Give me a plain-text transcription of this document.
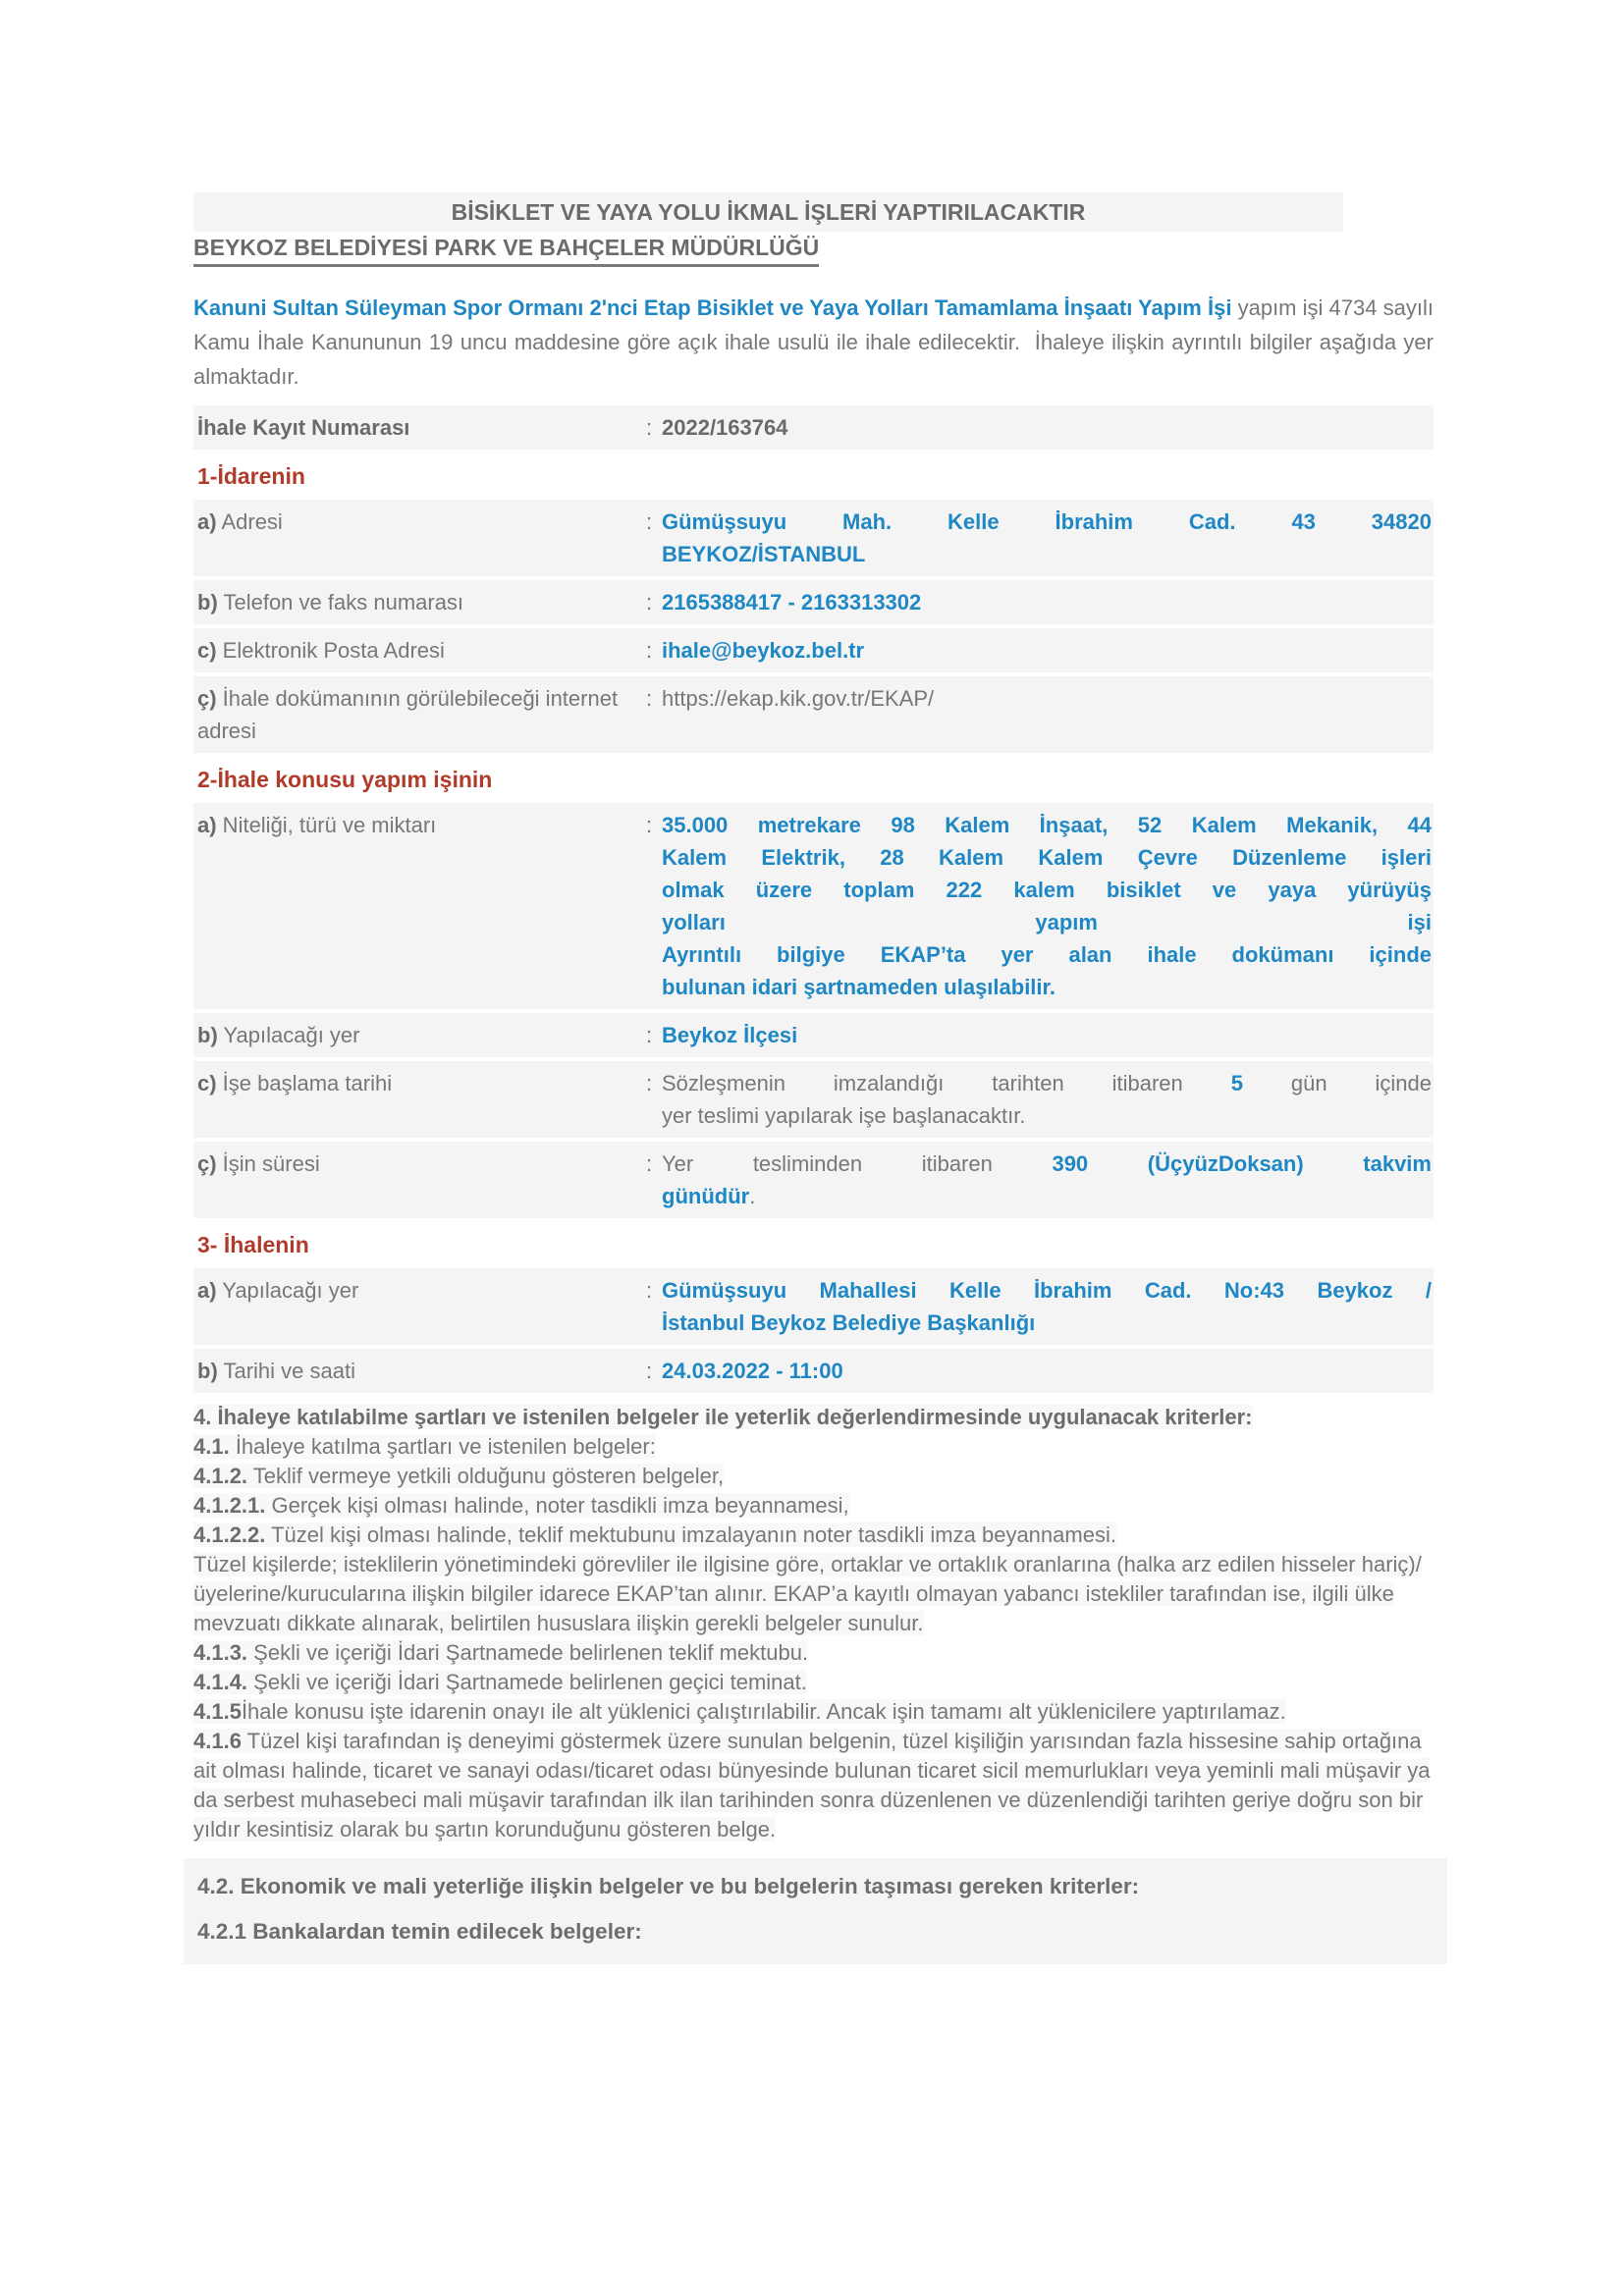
BİSİKLET VE YAYA YOLU İKMAL İŞLERİ YAPTIRILACAKTIR
BEYKOZ BELEDİYESİ PARK VE BAHÇELER MÜDÜRLÜĞÜ

Kanuni Sultan Süleyman Spor Ormanı 2'nci Etap Bisiklet ve Yaya Yolları Tamamlama İnşaatı Yapım İşi yapım işi 4734 sayılı Kamu İhale Kanununun 19 uncu maddesine göre açık ihale usulü ile ihale edilecektir.  İhaleye ilişkin ayrıntılı bilgiler aşağıda yer almaktadır.

İhale Kayıt Numarası	: 2022/163764
1-İdarenin
a) Adresi	: Gümüşsuyu Mah. Kelle İbrahim Cad. 43 34820
BEYKOZ/İSTANBUL
b) Telefon ve faks numarası	: 2165388417 - 2163313302
c) Elektronik Posta Adresi	: ihale@beykoz.bel.tr
ç) İhale dokümanının görülebileceği internet adresi
: https://ekap.kik.gov.tr/EKAP/
2-İhale konusu yapım işinin
a) Niteliği, türü ve miktarı	: 35.000 metrekare 98 Kalem İnşaat, 52 Kalem Mekanik, 44
Kalem Elektrik, 28 Kalem Kalem Çevre Düzenleme işleri
olmak üzere toplam 222 kalem bisiklet ve yaya yürüyüş
yolları yapım işi
Ayrıntılı bilgiye EKAP’ta yer alan ihale dokümanı içinde
bulunan idari şartnameden ulaşılabilir.
b) Yapılacağı yer	: Beykoz İlçesi
c) İşe başlama tarihi	: Sözleşmenin imzalandığı tarihten itibaren 5 gün içinde
yer teslimi yapılarak işe başlanacaktır.
ç) İşin süresi	: Yer tesliminden itibaren 390 (ÜçyüzDoksan) takvim
günüdür.
3- İhalenin
a) Yapılacağı yer	: Gümüşsuyu Mahallesi Kelle İbrahim Cad. No:43 Beykoz /
İstanbul Beykoz Belediye Başkanlığı
b) Tarihi ve saati	: 24.03.2022 - 11:00

4. İhaleye katılabilme şartları ve istenilen belgeler ile yeterlik değerlendirmesinde uygulanacak kriterler:

4.1. İhaleye katılma şartları ve istenilen belgeler:

4.1.2. Teklif vermeye yetkili olduğunu gösteren belgeler,

4.1.2.1. Gerçek kişi olması halinde, noter tasdikli imza beyannamesi,

4.1.2.2. Tüzel kişi olması halinde, teklif mektubunu imzalayanın noter tasdikli imza beyannamesi.
Tüzel kişilerde; isteklilerin yönetimindeki görevliler ile ilgisine göre, ortaklar ve ortaklık oranlarına (halka arz edilen hisseler hariç)/üyelerine/kurucularına ilişkin bilgiler idarece EKAP’tan alınır. EKAP’a kayıtlı olmayan yabancı istekliler tarafından ise, ilgili ülke mevzuatı dikkate alınarak, belirtilen hususlara ilişkin gerekli belgeler sunulur.

4.1.3. Şekli ve içeriği İdari Şartnamede belirlenen teklif mektubu.

4.1.4. Şekli ve içeriği İdari Şartnamede belirlenen geçici teminat.

4.1.5İhale konusu işte idarenin onayı ile alt yüklenici çalıştırılabilir. Ancak işin tamamı alt yüklenicilere yaptırılamaz.

4.1.6 Tüzel kişi tarafından iş deneyimi göstermek üzere sunulan belgenin, tüzel kişiliğin yarısından fazla hissesine sahip ortağına ait olması halinde, ticaret ve sanayi odası/ticaret odası bünyesinde bulunan ticaret sicil memurlukları veya yeminli mali müşavir ya da serbest muhasebeci mali müşavir tarafından ilk ilan tarihinden sonra düzenlenen ve düzenlendiği tarihten geriye doğru son bir yıldır kesintisiz olarak bu şartın korunduğunu gösteren belge.

4.2. Ekonomik ve mali yeterliğe ilişkin belgeler ve bu belgelerin taşıması gereken kriterler:
4.2.1 Bankalardan temin edilecek belgeler:
